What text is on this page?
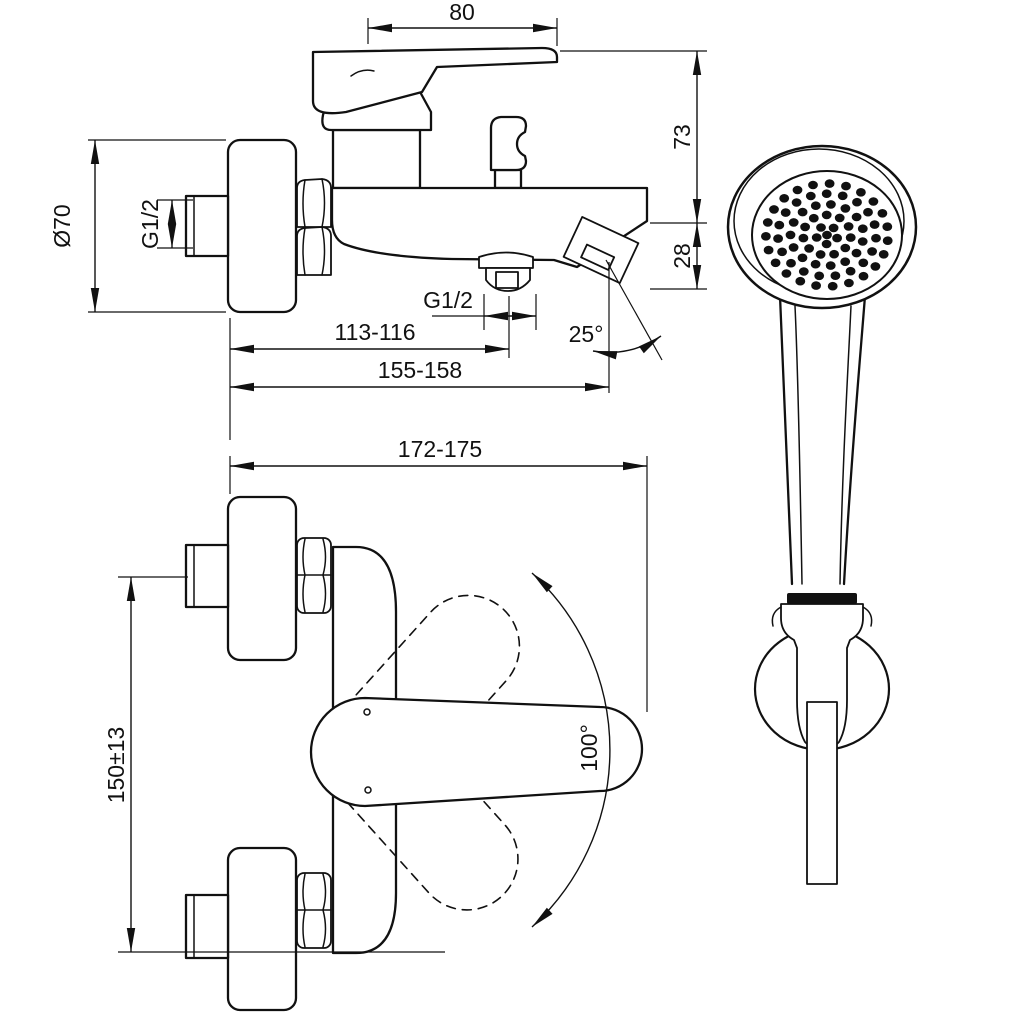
80
73
28
Ø70	G1/2
G1/2
113-116
155-158
25°
100°
172-175
150±13
